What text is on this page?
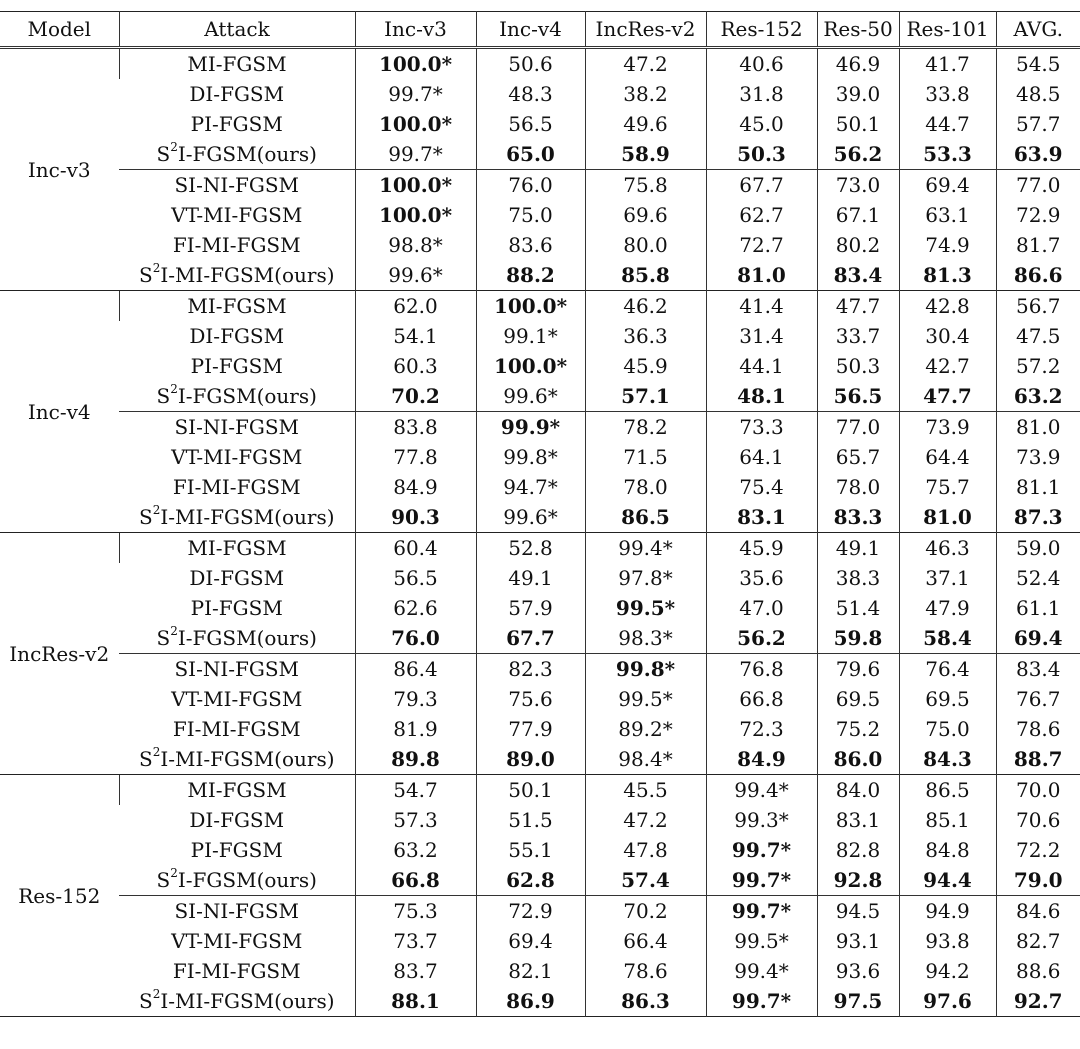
Model	Attack	Inc-v3	Inc-v4	IncRes-v2	Res-152	Res-50	Res-101	AVG.
Inc-v3	MI-FGSM	100.0*	50.6	47.2	40.6	46.9	41.7	54.5
	DI-FGSM	99.7*	48.3	38.2	31.8	39.0	33.8	48.5
	PI-FGSM	100.0*	56.5	49.6	45.0	50.1	44.7	57.7
	$S^2I-FGSM(ours)$	99.7*	65.0	58.9	50.3	56.2	53.3	63.9
	SI-NI-FGSM	100.0*	76.0	75.8	67.7	73.0	69.4	77.0
	VT-MI-FGSM	100.0*	75.0	69.6	62.7	67.1	63.1	72.9
	FI-MI-FGSM	98.8*	83.6	80.0	72.7	80.2	74.9	81.7
	$S^2I-MI-FGSM(ours)$	99.6*	88.2	85.8	81.0	83.4	81.3	86.6
Inc-v4	MI-FGSM	62.0	100.0*	46.2	41.4	47.7	42.8	56.7
	DI-FGSM	54.1	99.1*	36.3	31.4	33.7	30.4	47.5
	PI-FGSM	60.3	100.0*	45.9	44.1	50.3	42.7	57.2
	$S^2I-FGSM(ours)$	70.2	99.6*	57.1	48.1	56.5	47.7	63.2
	SI-NI-FGSM	83.8	99.9*	78.2	73.3	77.0	73.9	81.0
	VT-MI-FGSM	77.8	99.8*	71.5	64.1	65.7	64.4	73.9
	FI-MI-FGSM	84.9	94.7*	78.0	75.4	78.0	75.7	81.1
	$S^2I-MI-FGSM(ours)$	90.3	99.6*	86.5	83.1	83.3	81.0	87.3
IncRes-v2	MI-FGSM	60.4	52.8	99.4*	45.9	49.1	46.3	59.0
	DI-FGSM	56.5	49.1	97.8*	35.6	38.3	37.1	52.4
	PI-FGSM	62.6	57.9	99.5*	47.0	51.4	47.9	61.1
	$S^2I-FGSM(ours)$	76.0	67.7	98.3*	56.2	59.8	58.4	69.4
	SI-NI-FGSM	86.4	82.3	99.8*	76.8	79.6	76.4	83.4
	VT-MI-FGSM	79.3	75.6	99.5*	66.8	69.5	69.5	76.7
	FI-MI-FGSM	81.9	77.9	89.2*	72.3	75.2	75.0	78.6
	$S^2I-MI-FGSM(ours)$	89.8	89.0	98.4*	84.9	86.0	84.3	88.7
Res-152	MI-FGSM	54.7	50.1	45.5	99.4*	84.0	86.5	70.0
	DI-FGSM	57.3	51.5	47.2	99.3*	83.1	85.1	70.6
	PI-FGSM	63.2	55.1	47.8	99.7*	82.8	84.8	72.2
	$S^2I-FGSM(ours)$	66.8	62.8	57.4	99.7*	92.8	94.4	79.0
	SI-NI-FGSM	75.3	72.9	70.2	99.7*	94.5	94.9	84.6
	VT-MI-FGSM	73.7	69.4	66.4	99.5*	93.1	93.8	82.7
	FI-MI-FGSM	83.7	82.1	78.6	99.4*	93.6	94.2	88.6
	$S^2I-MI-FGSM(ours)$	88.1	86.9	86.3	99.7*	97.5	97.6	92.7
